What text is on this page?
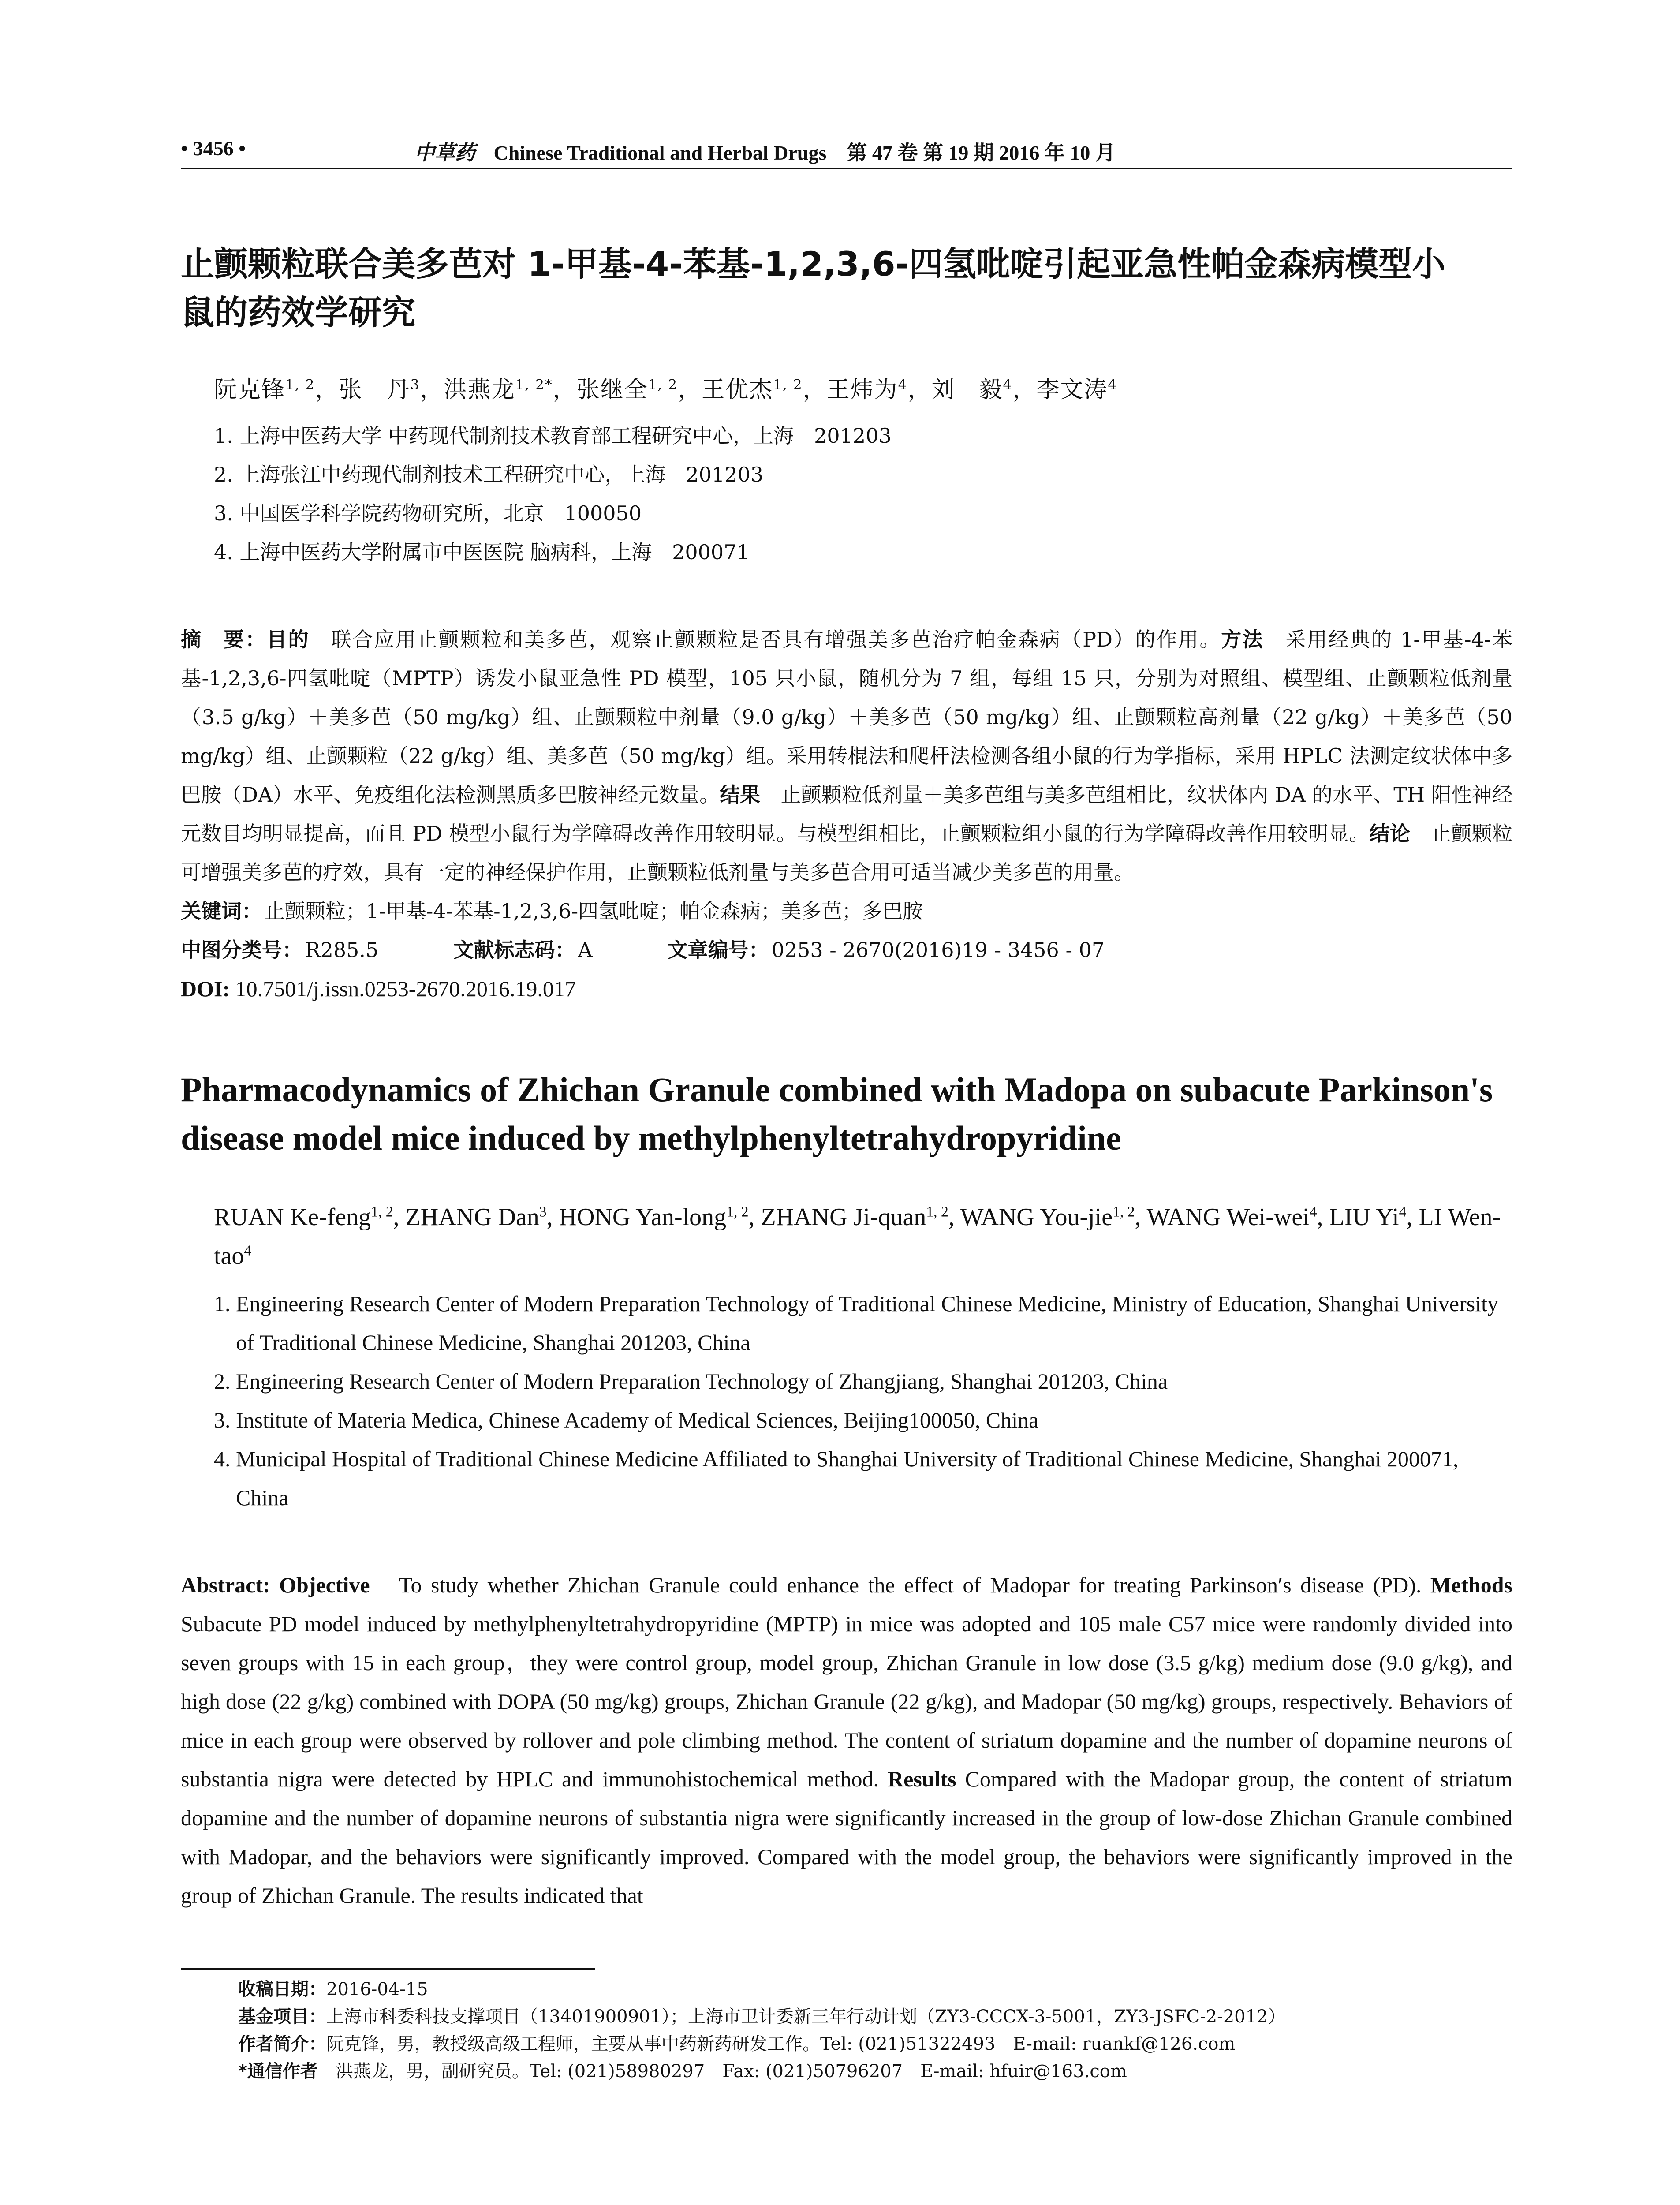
• 3456 •	中草药 Chinese Traditional and Herbal Drugs　第 47 卷 第 19 期 2016 年 10 月
止颤颗粒联合美多芭对 1-甲基-4-苯基-1,2,3,6-四氢吡啶引起亚急性帕金森病模型小鼠的药效学研究
阮克锋$^{1, 2}$，张　丹$^3$，洪燕龙$^{1, 2*}$，张继全$^{1, 2}$，王优杰$^{1, 2}$，王炜为$^4$，刘　毅$^4$，李文涛$^4$
1. 上海中医药大学 中药现代制剂技术教育部工程研究中心，上海　201203
2. 上海张江中药现代制剂技术工程研究中心，上海　201203
3. 中国医学科学院药物研究所，北京　100050
4. 上海中医药大学附属市中医医院 脑病科，上海　200071
摘　要：目的　 联合应用止颤颗粒和美多芭，观察止颤颗粒是否具有增强美多芭治疗帕金森病（PD）的作用。方法　 采用经典的 1-甲基-4-苯基-1,2,3,6-四氢吡啶（MPTP）诱发小鼠亚急性 PD 模型，105 只小鼠，随机分为 7 组，每组 15 只，分别为对照组、模型组、止颤颗粒低剂量（3.5 g/kg）＋美多芭（50 mg/kg）组、止颤颗粒中剂量（9.0 g/kg）＋美多芭（50 mg/kg）组、止颤颗粒高剂量（22 g/kg）＋美多芭（50 mg/kg）组、止颤颗粒（22 g/kg）组、美多芭（50 mg/kg）组。采用转棍法和爬杆法检测各组小鼠的行为学指标，采用 HPLC 法测定纹状体中多巴胺（DA）水平、免疫组化法检测黑质多巴胺神经元数量。结果　 止颤颗粒低剂量＋美多芭组与美多芭组相比，纹状体内 DA 的水平、TH 阳性神经元数目均明显提高，而且 PD 模型小鼠行为学障碍改善作用较明显。与模型组相比，止颤颗粒组小鼠的行为学障碍改善作用较明显。结论　 止颤颗粒可增强美多芭的疗效，具有一定的神经保护作用，止颤颗粒低剂量与美多芭合用可适当减少美多芭的用量。
关键词： 止颤颗粒；1-甲基-4-苯基-1,2,3,6-四氢吡啶；帕金森病；美多芭；多巴胺
中图分类号： R285.5	文献标志码： A	文章编号： 0253 - 2670(2016)19 - 3456 - 07
DOI: 10.7501/j.issn.0253-2670.2016.19.017
Pharmacodynamics of Zhichan Granule combined with Madopa on subacute Parkinson's disease model mice induced by methylphenyltetrahydropyridine
RUAN Ke-feng$^{1, 2}$, ZHANG Dan$^3$, HONG Yan-long$^{1, 2}$, ZHANG Ji-quan$^{1, 2}$, WANG You-jie$^{1, 2}$, WANG Wei-wei$^4$, LIU Yi$^4$, LI Wen-tao$^4$
1. Engineering Research Center of Modern Preparation Technology of Traditional Chinese Medicine, Ministry of Education, Shanghai University of Traditional Chinese Medicine, Shanghai 201203, China
2. Engineering Research Center of Modern Preparation Technology of Zhangjiang, Shanghai 201203, China
3. Institute of Materia Medica, Chinese Academy of Medical Sciences, Beijing100050, China
4. Municipal Hospital of Traditional Chinese Medicine Affiliated to Shanghai University of Traditional Chinese Medicine, Shanghai 200071, China
Abstract: Objective　 To study whether Zhichan Granule could enhance the effect of Madopar for treating Parkinson′s disease (PD). Methods　Subacute PD model induced by methylphenyltetrahydropyridine (MPTP) in mice was adopted and 105 male C57 mice were randomly divided into seven groups with 15 in each group，they were control group, model group, Zhichan Granule in low dose (3.5 g/kg) medium dose (9.0 g/kg), and high dose (22 g/kg) combined with DOPA (50 mg/kg) groups, Zhichan Granule (22 g/kg), and Madopar (50 mg/kg) groups, respectively. Behaviors of mice in each group were observed by rollover and pole climbing method. The content of striatum dopamine and the number of dopamine neurons of substantia nigra were detected by HPLC and immunohistochemical method. Results Compared with the Madopar group, the content of striatum dopamine and the number of dopamine neurons of substantia nigra were significantly increased in the group of low-dose Zhichan Granule combined with Madopar, and the behaviors were significantly improved. Compared with the model group, the behaviors were significantly improved in the group of Zhichan Granule. The results indicated that
收稿日期：2016-04-15
基金项目：上海市科委科技支撑项目（13401900901）；上海市卫计委新三年行动计划（ZY3-CCCX-3-5001，ZY3-JSFC-2-2012）
作者简介：阮克锋，男，教授级高级工程师，主要从事中药新药研发工作。Tel: (021)51322493　E-mail: ruankf@126.com
*通信作者　洪燕龙，男，副研究员。Tel: (021)58980297　Fax: (021)50796207　E-mail: hfuir@163.com
